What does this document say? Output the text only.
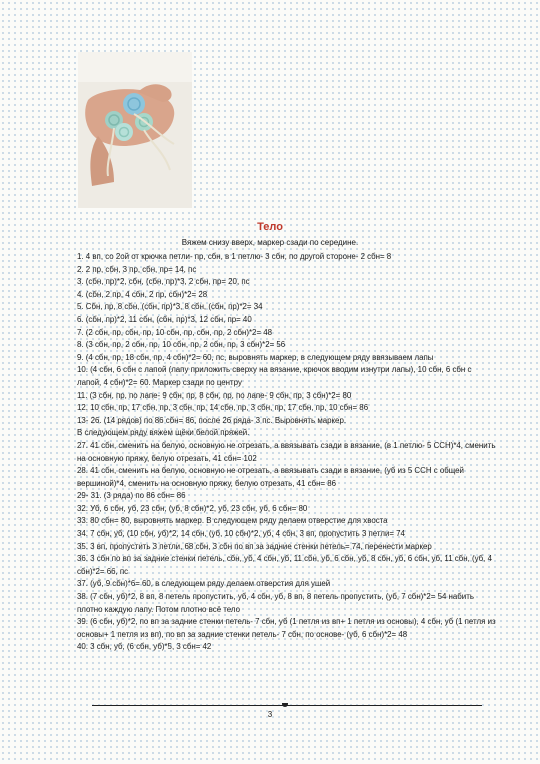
Тело

Вяжем снизу вверх, маркер сзади по середине.

1. 4 вп, со 2ой от крючка петли- пр, сбн, в 1 петлю- 3 сбн, по другой стороне- 2 сбн= 8
2. 2 пр, сбн, 3 пр, сбн, пр= 14, пс
3. (сбн, пр)*2, сбн, (сбн, пр)*3, 2 сбн, пр= 20, пс
4. (сбн, 2 пр, 4 сбн, 2 пр, сбн)*2= 28
5. Сбн, пр, 8 сбн, (сбн, пр)*3, 8 сбн, (сбн, пр)*2= 34
6. (сбн, пр)*2, 11 сбн, (сбн, пр)*3, 12 сбн, пр= 40
7. (2 сбн, пр, сбн, пр, 10 сбн, пр, сбн, пр, 2 сбн)*2= 48
8. (3 сбн, пр, 2 сбн, пр, 10 сбн, пр, 2 сбн, пр, 3 сбн)*2= 56
9. (4 сбн, пр, 18 сбн, пр, 4 сбн)*2= 60, пс, выровнять маркер, в следующем ряду ввязываем лапы
10. (4 сбн, 6 сбн с лапой (лапу приложить сверху на вязание, крючок вводим изнутри лапы), 10 сбн, 6 сбн с лапой, 4 сбн)*2= 60. Маркер сзади по центру
11. (3 сбн, пр, по лапе- 9 сбн, пр, 8 сбн, пр, по лапе- 9 сбн, пр, 3 сбн)*2= 80
12. 10 сбн, пр, 17 сбн, пр, 3 сбн, пр, 14 сбн, пр, 3 сбн, пр, 17 сбн, пр, 10 сбн= 86
13- 26. (14 рядов) по 86 сбн= 86, после 26 ряда- 3 пс. Выровнять маркер.
В следующем ряду вяжем щёки белой пряжей.
27. 41 сбн, сменить на белую, основную не отрезать, а ввязывать сзади в вязание, (в 1 петлю- 5 ССН)*4, сменить на основную пряжу, белую отрезать, 41 сбн= 102
28. 41 сбн, сменить на белую, основную не отрезать, а ввязывать сзади в вязание, (уб из 5 ССН с общей вершиной)*4, сменить на основную пряжу, белую отрезать, 41 сбн= 86
29- 31. (3 ряда) по 86 сбн= 86
32. Уб, 6 сбн, уб, 23 сбн, (уб, 8 сбн)*2, уб, 23 сбн, уб, 6 сбн= 80
33. 80 сбн= 80, выровнять маркер. В следующем ряду делаем отверстие для хвоста
34. 7 сбн, уб, (10 сбн, уб)*2, 14 сбн, (уб, 10 сбн)*2, уб, 4 сбн, 3 вп, пропустить 3 петли= 74
35. 3 вп, пропустить 3 петли, 68 сбн, 3 сбн по вп за задние стенки петель= 74, перенести маркер
36. 3 сбн по вп за задние стенки петель, сбн, уб, 4 сбн, уб, 11 сбн, уб, 6 сбн, уб, 8 сбн, уб, 6 сбн, уб, 11 сбн, (уб, 4 сбн)*2= 66, пс
37. (уб, 9 сбн)*6= 60, в следующем ряду делаем отверстия для ушей
38. (7 сбн, уб)*2, 8 вп, 8 петель пропустить, уб, 4 сбн, уб, 8 вп, 8 петель пропустить, (уб, 7 сбн)*2= 54 набить плотно каждую лапу. Потом плотно всё тело
39. (6 сбн, уб)*2, по вп за задние стенки петель- 7 сбн, уб (1 петля из вп+ 1 петля из основы), 4 сбн, уб (1 петля из основы+ 1 петля из вп), по вп за задние стенки петель- 7 сбн, по основе- (уб, 6 сбн)*2= 48
40. 3 сбн, уб, (6 сбн, уб)*5, 3 сбн= 42
3
